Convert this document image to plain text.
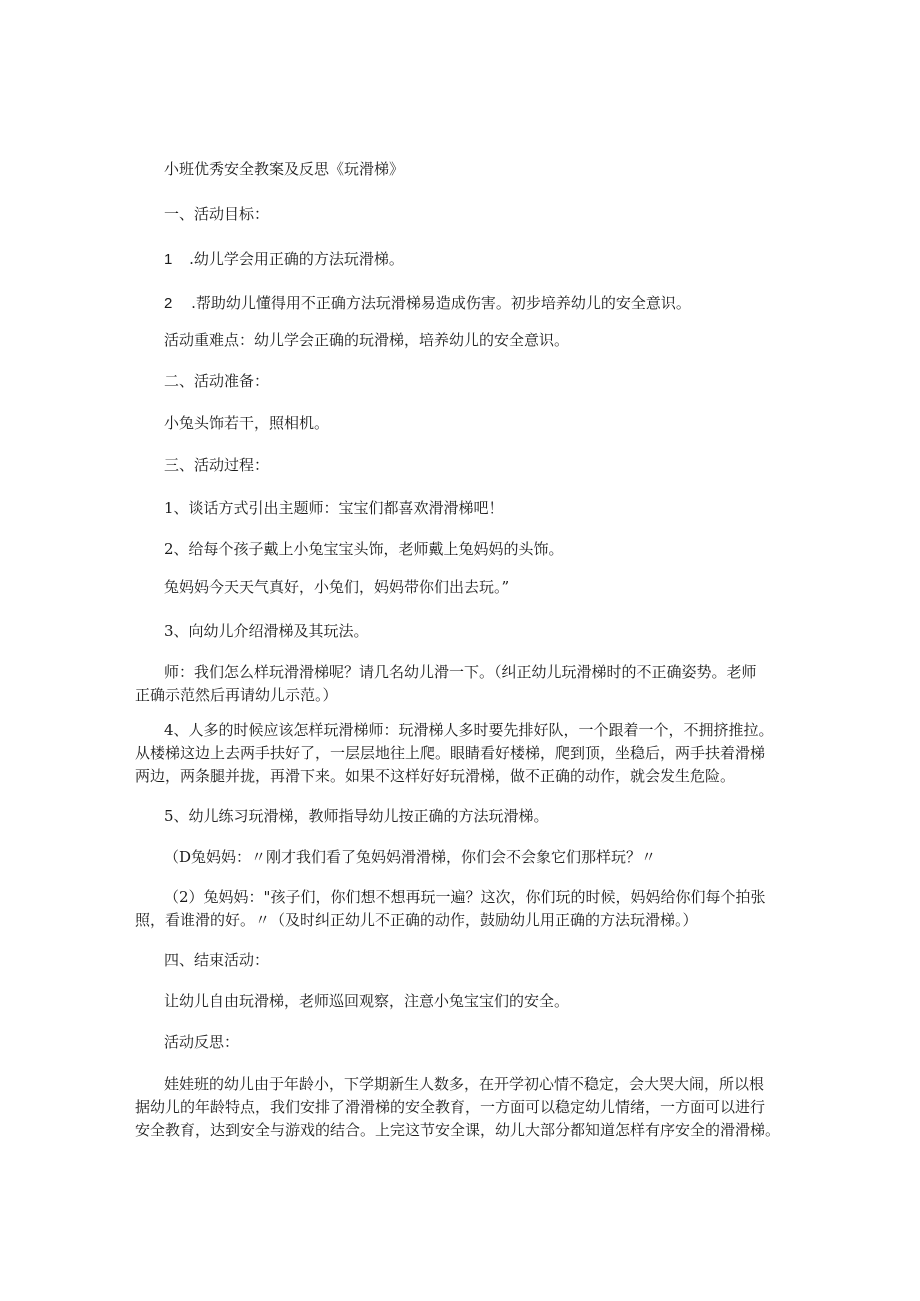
小班优秀安全教案及反思《玩滑梯》

一、活动目标：

1 .幼儿学会用正确的方法玩滑梯。

2 .帮助幼儿懂得用不正确方法玩滑梯易造成伤害。初步培养幼儿的安全意识。

活动重难点：幼儿学会正确的玩滑梯，培养幼儿的安全意识。

二、活动准备：

小兔头饰若干，照相机。

三、活动过程：

1、谈话方式引出主题师：宝宝们都喜欢滑滑梯吧！

2、给每个孩子戴上小兔宝宝头饰，老师戴上兔妈妈的头饰。

兔妈妈今天天气真好，小兔们，妈妈带你们出去玩。”

3、向幼儿介绍滑梯及其玩法。

师：我们怎么样玩滑滑梯呢？请几名幼儿滑一下。（纠正幼儿玩滑梯时的不正确姿势。老师

正确示范然后再请幼儿示范。）

4、人多的时候应该怎样玩滑梯师：玩滑梯人多时要先排好队，一个跟着一个，不拥挤推拉。

从楼梯这边上去两手扶好了，一层层地往上爬。眼睛看好楼梯，爬到顶，坐稳后，两手扶着滑梯

两边，两条腿并拢，再滑下来。如果不这样好好玩滑梯，做不正确的动作，就会发生危险。

5、幼儿练习玩滑梯，教师指导幼儿按正确的方法玩滑梯。

（D兔妈妈：〃刚才我们看了兔妈妈滑滑梯，你们会不会象它们那样玩？〃

（2）兔妈妈："孩子们，你们想不想再玩一遍？这次，你们玩的时候，妈妈给你们每个拍张

照，看谁滑的好。〃（及时纠正幼儿不正确的动作，鼓励幼儿用正确的方法玩滑梯。）

四、结束活动：

让幼儿自由玩滑梯，老师巡回观察，注意小兔宝宝们的安全。

活动反思：

娃娃班的幼儿由于年龄小，下学期新生人数多，在开学初心情不稳定，会大哭大闹，所以根

据幼儿的年龄特点，我们安排了滑滑梯的安全教育，一方面可以稳定幼儿情绪，一方面可以进行

安全教育，达到安全与游戏的结合。上完这节安全课，幼儿大部分都知道怎样有序安全的滑滑梯。
